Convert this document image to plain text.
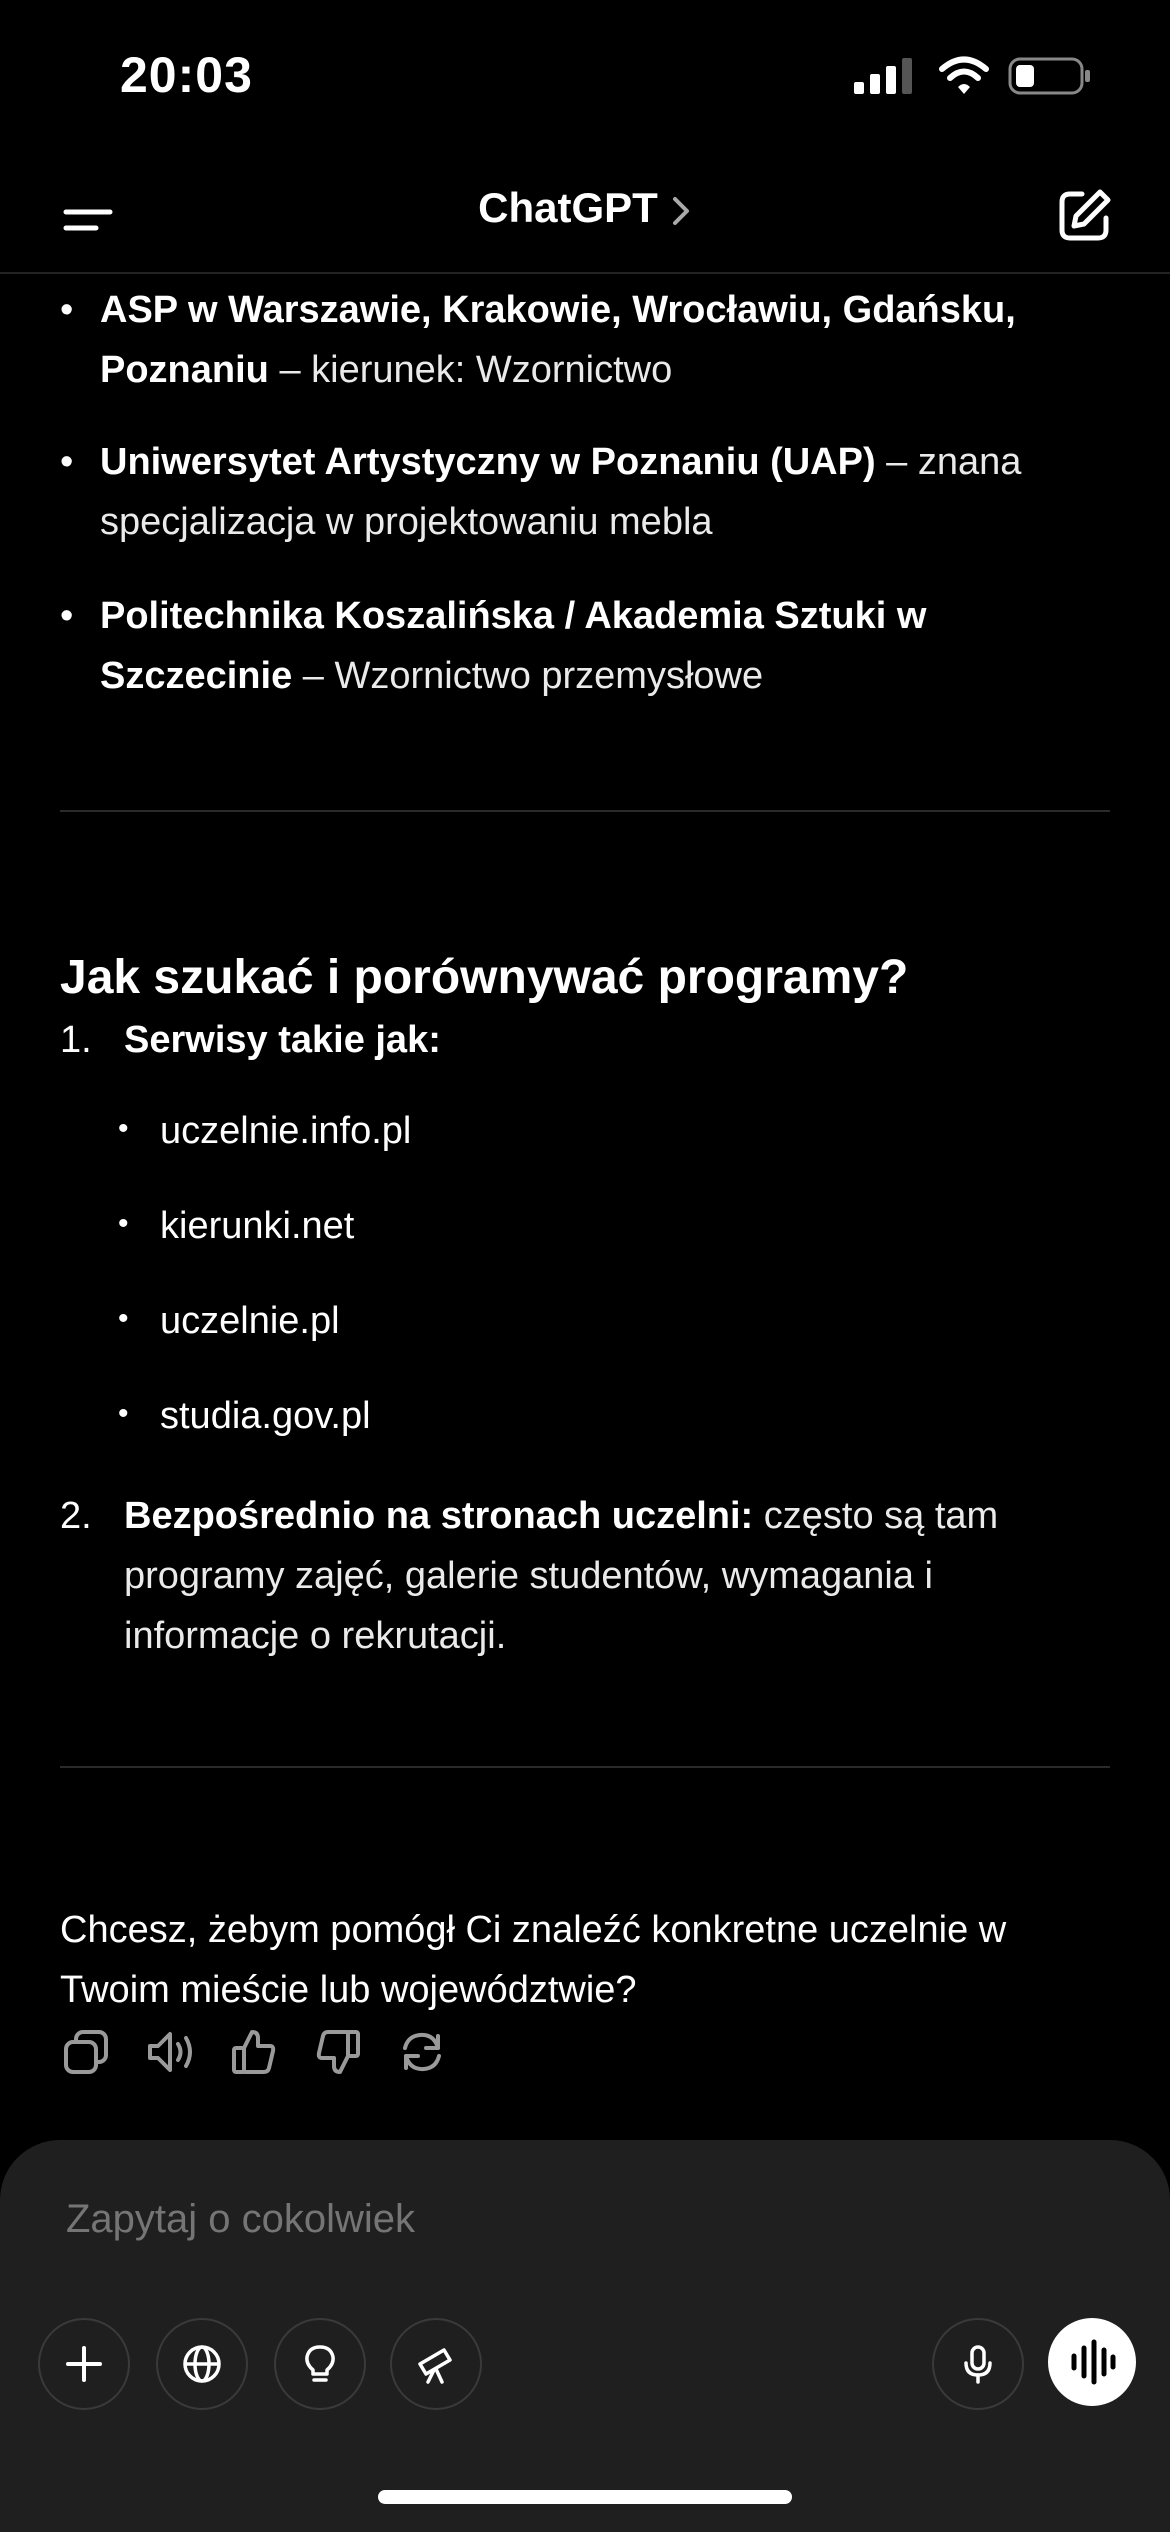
20:03
ChatGPT
• ASP w Warszawie, Krakowie, Wrocławiu, Gdańsku, Poznaniu – kierunek: Wzornictwo
• Uniwersytet Artystyczny w Poznaniu (UAP) – znana specjalizacja w projektowaniu mebla
• Politechnika Koszalińska / Akademia Sztuki w Szczecinie – Wzornictwo przemysłowe
Jak szukać i porównywać programy?
1. Serwisy takie jak:
• uczelnie.info.pl
• kierunki.net
• uczelnie.pl
• studia.gov.pl
2. Bezpośrednio na stronach uczelni: często są tam programy zajęć, galerie studentów, wymagania i informacje o rekrutacji.

Chcesz, żebym pomógł Ci znaleźć konkretne uczelnie w Twoim mieście lub województwie?

Zapytaj o cokolwiek
